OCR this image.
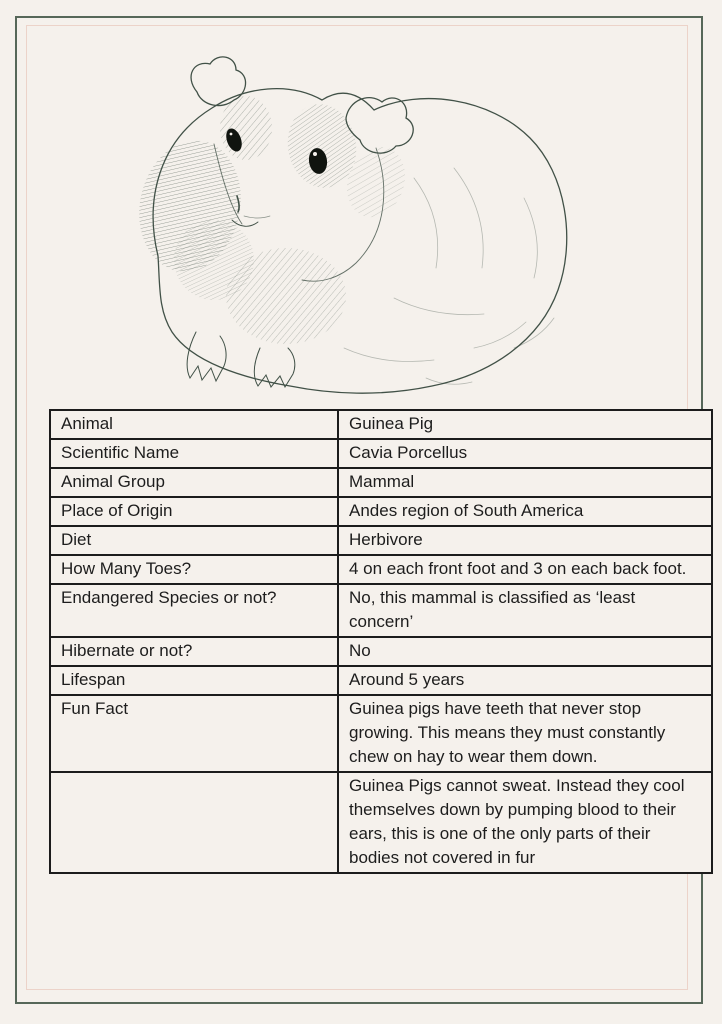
Animal	Guinea Pig
Scientific Name	Cavia Porcellus
Animal Group	Mammal
Place of Origin	Andes region of South America
Diet	Herbivore
How Many Toes?	4 on each front foot and 3 on each back foot.
Endangered Species or not?	No, this mammal is classified as ‘least concern’
Hibernate or not?	No
Lifespan	Around 5 years
Fun Fact	Guinea pigs have teeth that never stop growing. This means they must constantly chew on hay to wear them down.
	Guinea Pigs cannot sweat. Instead they cool themselves down by pumping blood to their ears, this is one of the only parts of their bodies not covered in fur
